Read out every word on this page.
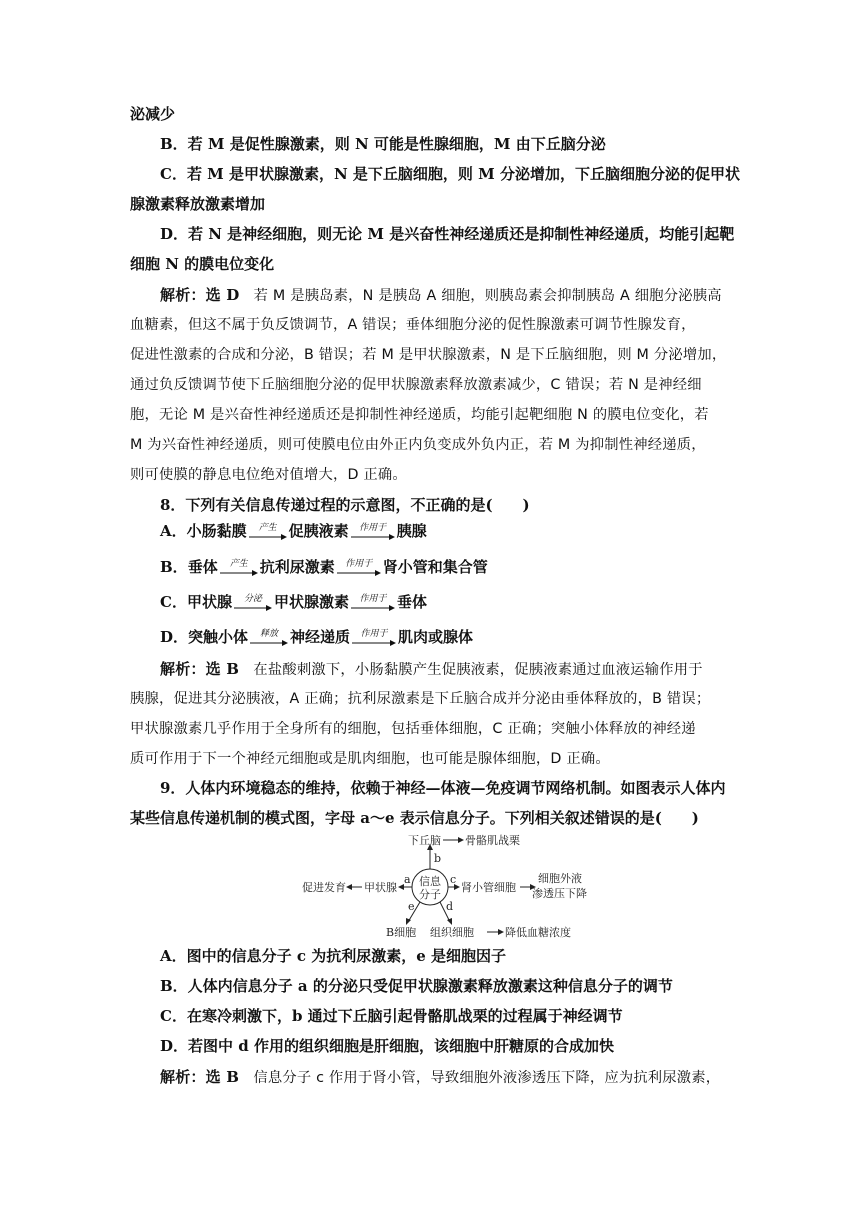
泌减少
B．若 M 是促性腺激素，则 N 可能是性腺细胞，M 由下丘脑分泌
C．若 M 是甲状腺激素，N 是下丘脑细胞，则 M 分泌增加，下丘脑细胞分泌的促甲状
腺激素释放激素增加
D．若 N 是神经细胞，则无论 M 是兴奋性神经递质还是抑制性神经递质，均能引起靶
细胞 N 的膜电位变化
解析：选 D 若 M 是胰岛素，N 是胰岛 A 细胞，则胰岛素会抑制胰岛 A 细胞分泌胰高
血糖素，但这不属于负反馈调节，A 错误；垂体细胞分泌的促性腺激素可调节性腺发育，
促进性激素的合成和分泌，B 错误；若 M 是甲状腺激素，N 是下丘脑细胞，则 M 分泌增加，
通过负反馈调节使下丘脑细胞分泌的促甲状腺激素释放激素减少，C 错误；若 N 是神经细
胞，无论 M 是兴奋性神经递质还是抑制性神经递质，均能引起靶细胞 N 的膜电位变化，若
M 为兴奋性神经递质，则可使膜电位由外正内负变成外负内正，若 M 为抑制性神经递质，
则可使膜的静息电位绝对值增大，D 正确。
8．下列有关信息传递过程的示意图，不正确的是(　　)
A． 小肠黏膜 产生 促胰液素 作用于 胰腺
B． 垂体 产生 抗利尿激素 作用于 肾小管和集合管
C． 甲状腺 分泌 甲状腺激素 作用于 垂体
D． 突触小体 释放 神经递质 作用于 肌肉或腺体
解析：选 B 在盐酸刺激下，小肠黏膜产生促胰液素，促胰液素通过血液运输作用于
胰腺，促进其分泌胰液，A 正确；抗利尿激素是下丘脑合成并分泌由垂体释放的，B 错误；
甲状腺激素几乎作用于全身所有的细胞，包括垂体细胞，C 正确；突触小体释放的神经递
质可作用于下一个神经元细胞或是肌肉细胞，也可能是腺体细胞，D 正确。
9．人体内环境稳态的维持，依赖于神经—体液—免疫调节网络机制。如图表示人体内
某些信息传递机制的模式图，字母 a～e 表示信息分子。下列相关叙述错误的是(　　)
信息
分子
b
下丘脑 骨骼肌战栗
a
甲状腺
促进发育
c
肾小管细胞
细胞外液
渗透压下降
e
B细胞
d
组织细胞	降低血糖浓度
A．图中的信息分子 c 为抗利尿激素，e 是细胞因子
B．人体内信息分子 a 的分泌只受促甲状腺激素释放激素这种信息分子的调节
C．在寒冷刺激下，b 通过下丘脑引起骨骼肌战栗的过程属于神经调节
D．若图中 d 作用的组织细胞是肝细胞，该细胞中肝糖原的合成加快
解析：选 B 信息分子 c 作用于肾小管，导致细胞外液渗透压下降，应为抗利尿激素，
